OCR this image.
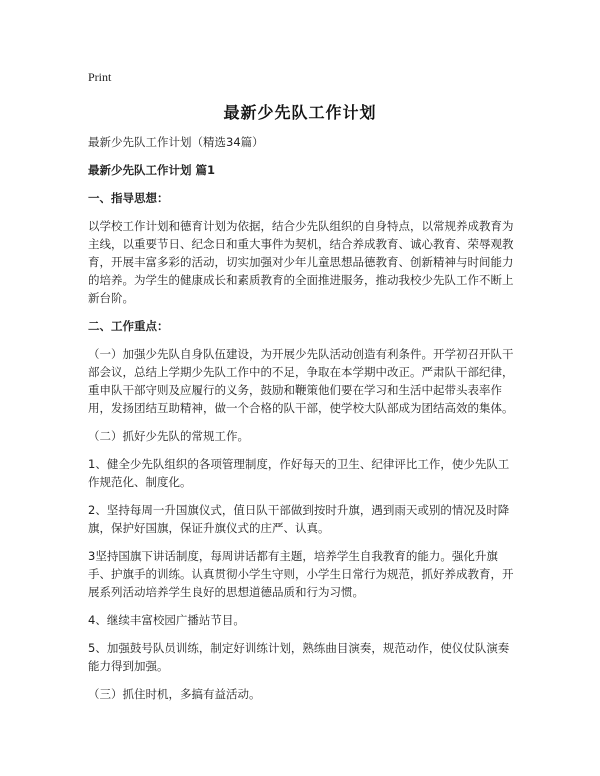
Print
最新少先队工作计划

最新少先队工作计划（精选34篇）

最新少先队工作计划 篇1

一、指导思想：

以学校工作计划和德育计划为依据，结合少先队组织的自身特点，以常规养成教育为主线，以重要节日、纪念日和重大事件为契机，结合养成教育、诚心教育、荣辱观教育，开展丰富多彩的活动，切实加强对少年儿童思想品德教育、创新精神与时间能力的培养。为学生的健康成长和素质教育的全面推进服务，推动我校少先队工作不断上新台阶。

二、工作重点：

（一）加强少先队自身队伍建设，为开展少先队活动创造有利条件。开学初召开队干部会议，总结上学期少先队工作中的不足，争取在本学期中改正。严肃队干部纪律，重申队干部守则及应履行的义务，鼓励和鞭策他们要在学习和生活中起带头表率作用，发扬团结互助精神，做一个合格的队干部，使学校大队部成为团结高效的集体。

（二）抓好少先队的常规工作。

1、健全少先队组织的各项管理制度，作好每天的卫生、纪律评比工作，使少先队工作规范化、制度化。

2、坚持每周一升国旗仪式，值日队干部做到按时升旗，遇到雨天或别的情况及时降旗，保护好国旗，保证升旗仪式的庄严、认真。

3坚持国旗下讲话制度，每周讲话都有主题，培养学生自我教育的能力。强化升旗手、护旗手的训练。认真贯彻小学生守则，小学生日常行为规范，抓好养成教育，开展系列活动培养学生良好的思想道德品质和行为习惯。

4、继续丰富校园广播站节目。

5、加强鼓号队员训练，制定好训练计划，熟练曲目演奏，规范动作，使仪仗队演奏能力得到加强。

（三）抓住时机，多搞有益活动。
